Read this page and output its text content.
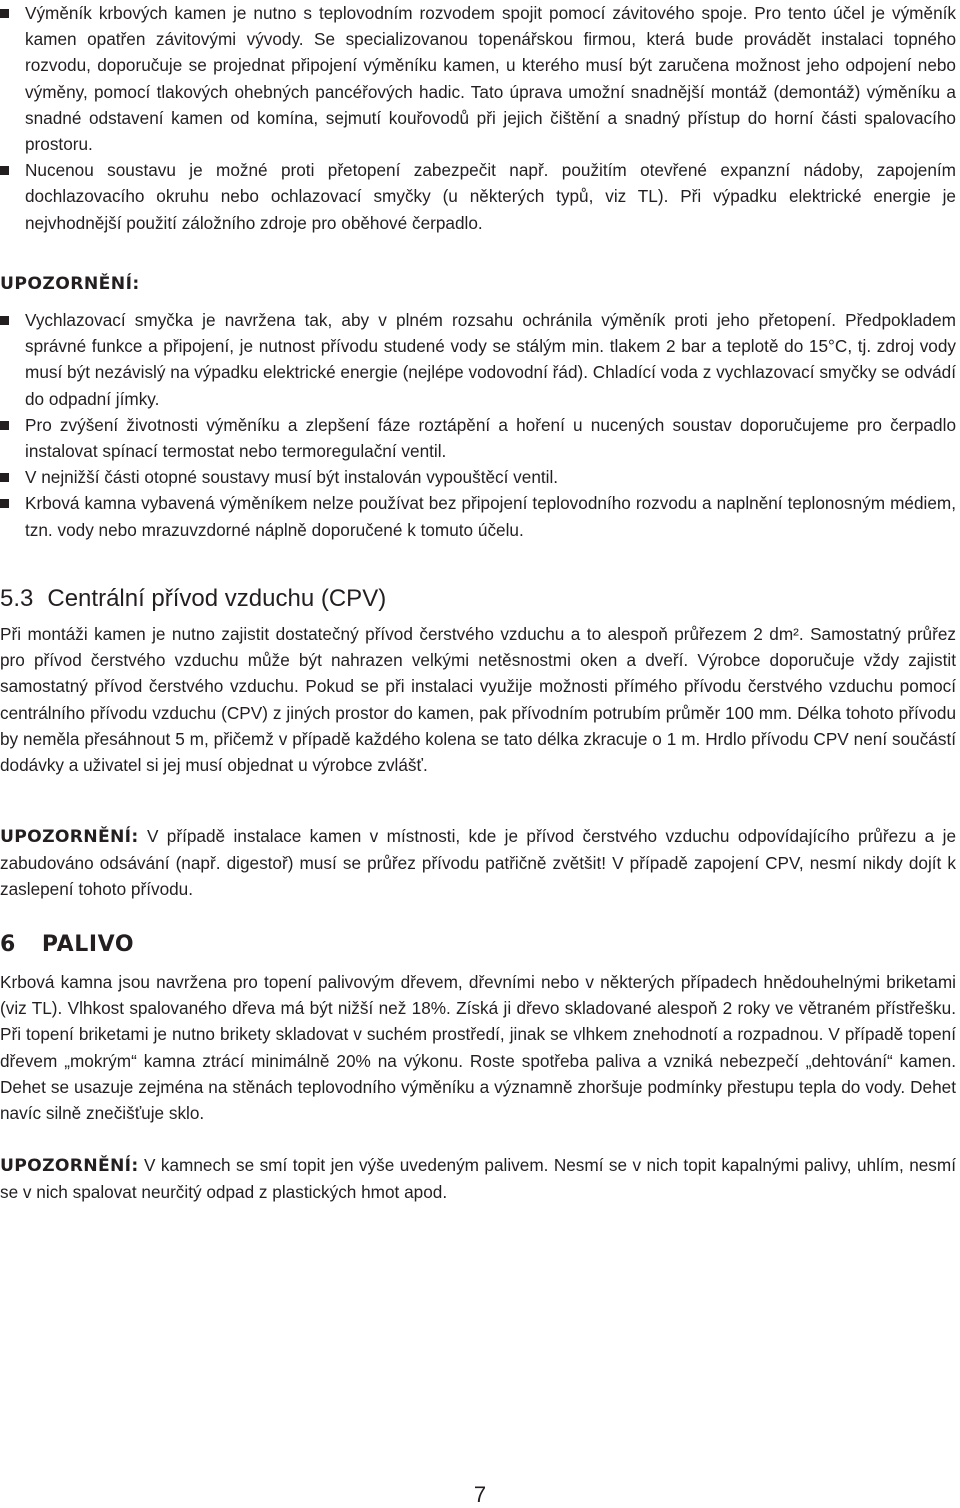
Výměník krbových kamen je nutno s teplovodním rozvodem spojit pomocí závitového spoje. Pro tento účel je výměník kamen opatřen závitovými vývody. Se specializovanou topenářskou firmou, která bude provádět instalaci topného rozvodu, doporučuje se projednat připojení výměníku kamen, u kterého musí být zaručena možnost jeho odpojení nebo výměny, pomocí tlakových ohebných pancéřových hadic. Tato úprava umožní snadnější montáž (demontáž) výměníku a snadné odstavení kamen od komína, sejmutí kouřovodů při jejich čištění a snadný přístup do horní části spalovacího prostoru.
Nucenou soustavu je možné proti přetopení zabezpečit např. použitím otevřené expanzní nádoby, zapojením dochlazovacího okruhu nebo ochlazovací smyčky (u některých typů, viz TL). Při výpadku elektrické energie je nejvhodnější použití záložního zdroje pro oběhové čerpadlo.
UPOZORNĚNÍ:
Vychlazovací smyčka je navržena tak, aby v plném rozsahu ochránila výměník proti jeho přetopení. Předpokladem správné funkce a připojení, je nutnost přívodu studené vody se stálým min. tlakem 2 bar a teplotě do 15°C, tj. zdroj vody musí být nezávislý na výpadku elektrické energie (nejlépe vodovodní řád). Chladící voda z vychlazovací smyčky se odvádí do odpadní jímky.
Pro zvýšení životnosti výměníku a zlepšení fáze roztápění a hoření u nucených soustav doporučujeme pro čerpadlo instalovat spínací termostat nebo termoregulační ventil.
V nejnižší části otopné soustavy musí být instalován vypouštěcí ventil.
Krbová kamna vybavená výměníkem nelze používat bez připojení teplovodního rozvodu a naplnění teplonosným médiem, tzn. vody nebo mrazuvzdorné náplně doporučené k tomuto účelu.
5.3 Centrální přívod vzduchu (CPV)

Při montáži kamen je nutno zajistit dostatečný přívod čerstvého vzduchu a to alespoň průřezem 2 dm². Samostatný průřez pro přívod čerstvého vzduchu může být nahrazen velkými netěsnostmi oken a dveří. Výrobce doporučuje vždy zajistit samostatný přívod čerstvého vzduchu. Pokud se při instalaci využije možnosti přímého přívodu čerstvého vzduchu pomocí centrálního přívodu vzduchu (CPV) z jiných prostor do kamen, pak přívodním potrubím průměr 100 mm. Délka tohoto přívodu by neměla přesáhnout 5 m, přičemž v případě každého kolena se tato délka zkracuje o 1 m. Hrdlo přívodu CPV není součástí dodávky a uživatel si jej musí objednat u výrobce zvlášť.

UPOZORNĚNÍ: V případě instalace kamen v místnosti, kde je přívod čerstvého vzduchu odpovídajícího průřezu a je zabudováno odsávání (např. digestoř) musí se průřez přívodu patřičně zvětšit! V případě zapojení CPV, nesmí nikdy dojít k zaslepení tohoto přívodu.

6 PALIVO

Krbová kamna jsou navržena pro topení palivovým dřevem, dřevními nebo v některých případech hnědouhelnými briketami (viz TL). Vlhkost spalovaného dřeva má být nižší než 18%. Získá ji dřevo skladované alespoň 2 roky ve větraném přístřešku. Při topení briketami je nutno brikety skladovat v suchém prostředí, jinak se vlhkem znehodnotí a rozpadnou. V případě topení dřevem „mokrým“ kamna ztrácí minimálně 20% na výkonu. Roste spotřeba paliva a vzniká nebezpečí „dehtování“ kamen. Dehet se usazuje zejména na stěnách teplovodního výměníku a významně zhoršuje podmínky přestupu tepla do vody. Dehet navíc silně znečišťuje sklo.

UPOZORNĚNÍ: V kamnech se smí topit jen výše uvedeným palivem. Nesmí se v nich topit kapalnými palivy, uhlím, nesmí se v nich spalovat neurčitý odpad z plastických hmot apod.

7
